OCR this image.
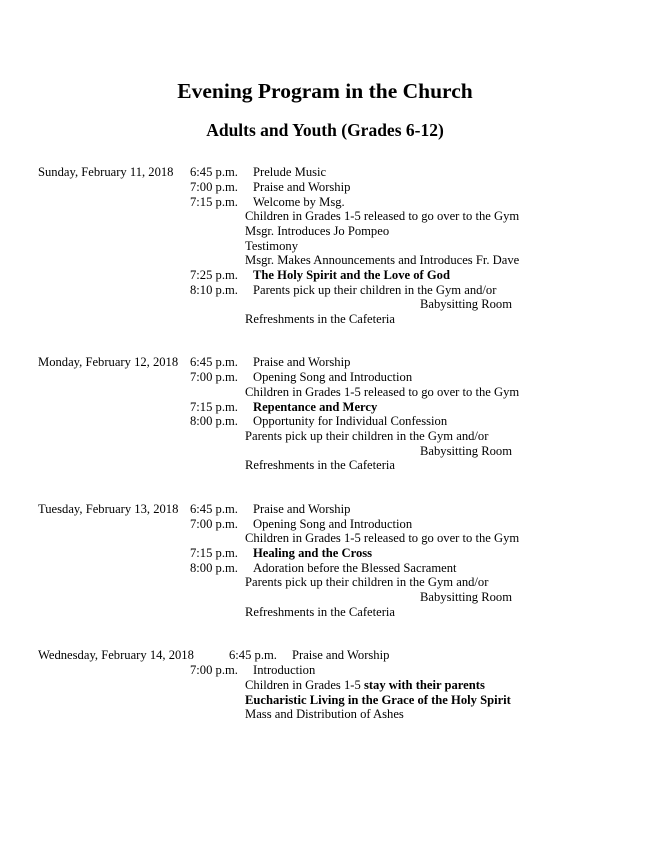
Evening Program in the Church
Adults and Youth (Grades 6-12)
Sunday, February 11, 2018 6:45 p.m. Prelude Music
7:00 p.m. Praise and Worship
7:15 p.m. Welcome by Msg.
Children in Grades 1-5 released to go over to the Gym
Msgr. Introduces Jo Pompeo
Testimony
Msgr. Makes Announcements and Introduces Fr. Dave
7:25 p.m. The Holy Spirit and the Love of God
8:10 p.m. Parents pick up their children in the Gym and/or
Babysitting Room
Refreshments in the Cafeteria
Monday, February 12, 2018 6:45 p.m. Praise and Worship
7:00 p.m. Opening Song and Introduction
Children in Grades 1-5 released to go over to the Gym
7:15 p.m. Repentance and Mercy
8:00 p.m. Opportunity for Individual Confession
Parents pick up their children in the Gym and/or
Babysitting Room
Refreshments in the Cafeteria
Tuesday, February 13, 2018 6:45 p.m. Praise and Worship
7:00 p.m. Opening Song and Introduction
Children in Grades 1-5 released to go over to the Gym
7:15 p.m. Healing and the Cross
8:00 p.m. Adoration before the Blessed Sacrament
Parents pick up their children in the Gym and/or
Babysitting Room
Refreshments in the Cafeteria
Wednesday, February 14, 2018	6:45 p.m. Praise and Worship
7:00 p.m. Introduction
Children in Grades 1-5 stay with their parents
Eucharistic Living in the Grace of the Holy Spirit
Mass and Distribution of Ashes
